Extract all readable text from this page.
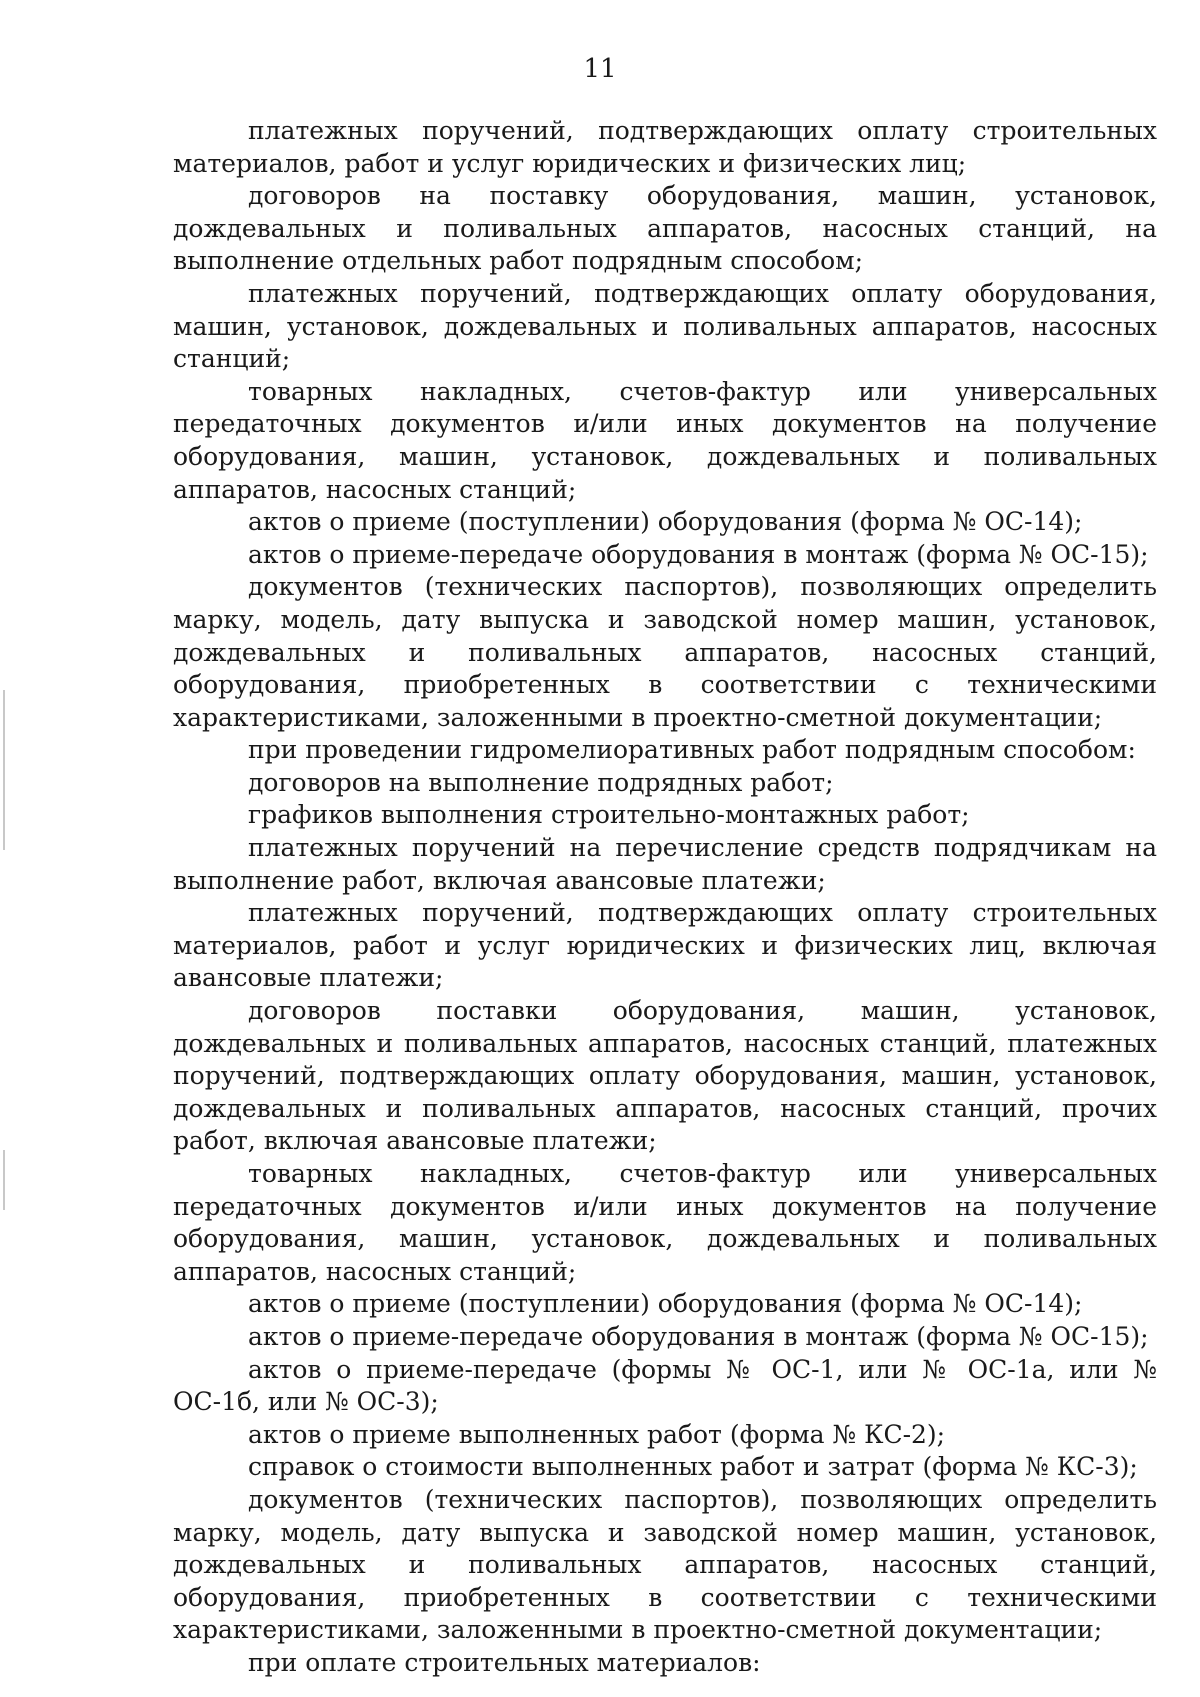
11

платежных поручений, подтверждающих оплату строительных материалов, работ и услуг юридических и физических лиц;

договоров на поставку оборудования, машин, установок, дождевальных и поливальных аппаратов, насосных станций, на выполнение отдельных работ подрядным способом;

платежных поручений, подтверждающих оплату оборудования, машин, установок, дождевальных и поливальных аппаратов, насосных станций;

товарных накладных, счетов-фактур или универсальных передаточных документов и/или иных документов на получение оборудования, машин, установок, дождевальных и поливальных аппаратов, насосных станций;

актов о приеме (поступлении) оборудования (форма № ОС-14);

актов о приеме-передаче оборудования в монтаж (форма № ОС-15);

документов (технических паспортов), позволяющих определить марку, модель, дату выпуска и заводской номер машин, установок, дождевальных и поливальных аппаратов, насосных станций, оборудования, приобретенных в соответствии с техническими характеристиками, заложенными в проектно-сметной документации;

при проведении гидромелиоративных работ подрядным способом:

договоров на выполнение подрядных работ;

графиков выполнения строительно-монтажных работ;

платежных поручений на перечисление средств подрядчикам на выполнение работ, включая авансовые платежи;

платежных поручений, подтверждающих оплату строительных материалов, работ и услуг юридических и физических лиц, включая авансовые платежи;

договоров поставки оборудования, машин, установок, дождевальных и поливальных аппаратов, насосных станций, платежных поручений, подтверждающих оплату оборудования, машин, установок, дождевальных и поливальных аппаратов, насосных станций, прочих работ, включая авансовые платежи;

товарных накладных, счетов-фактур или универсальных передаточных документов и/или иных документов на получение оборудования, машин, установок, дождевальных и поливальных аппаратов, насосных станций;

актов о приеме (поступлении) оборудования (форма № ОС-14);

актов о приеме-передаче оборудования в монтаж (форма № ОС-15);

актов о приеме-передаче (формы № ОС-1, или № ОС-1а, или № ОС-1б, или № ОС-3);

актов о приеме выполненных работ (форма № КС-2);

справок о стоимости выполненных работ и затрат (форма № КС-3);

документов (технических паспортов), позволяющих определить марку, модель, дату выпуска и заводской номер машин, установок, дождевальных и поливальных аппаратов, насосных станций, оборудования, приобретенных в соответствии с техническими характеристиками, заложенными в проектно-сметной документации;

при оплате строительных материалов:
